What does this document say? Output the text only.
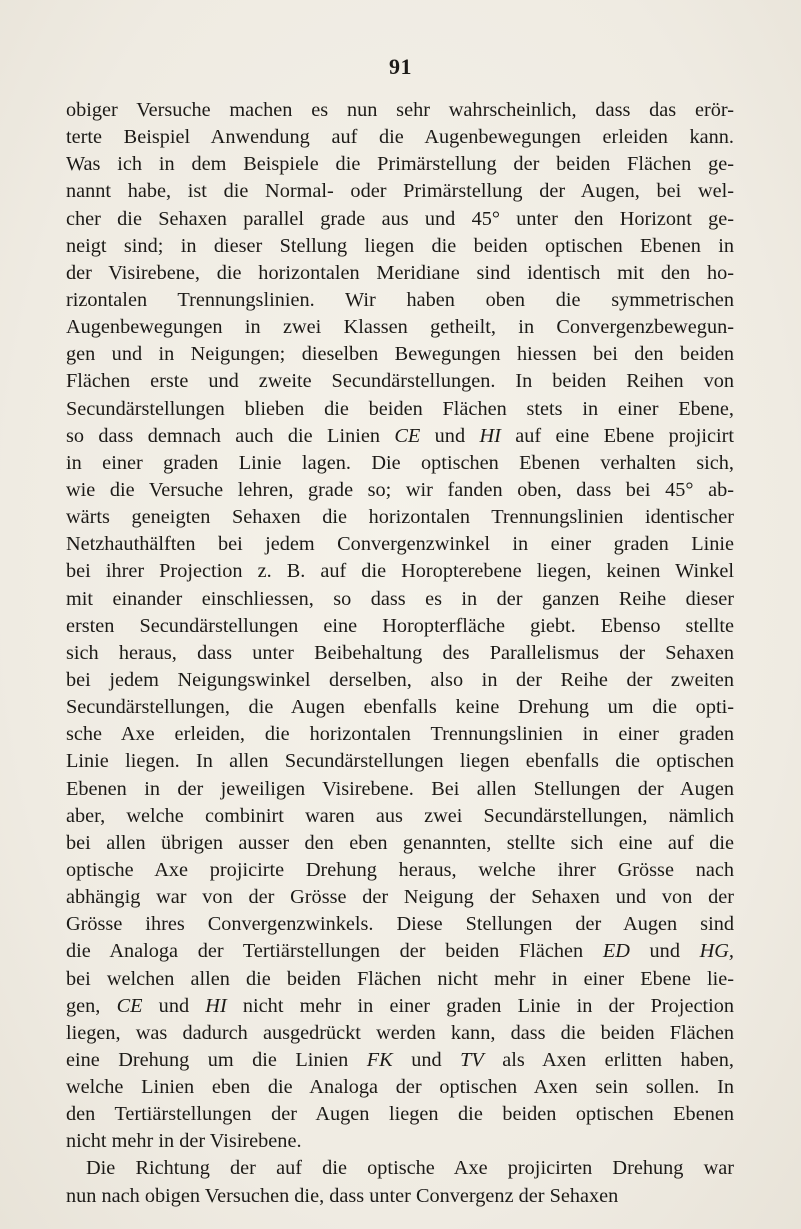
91
obiger Versuche machen es nun sehr wahrscheinlich, dass das erör-
terte Beispiel Anwendung auf die Augenbewegungen erleiden kann.
Was ich in dem Beispiele die Primärstellung der beiden Flächen ge-
nannt habe, ist die Normal- oder Primärstellung der Augen, bei wel-
cher die Sehaxen parallel grade aus und 45° unter den Horizont ge-
neigt sind; in dieser Stellung liegen die beiden optischen Ebenen in
der Visirebene, die horizontalen Meridiane sind identisch mit den ho-
rizontalen Trennungslinien. Wir haben oben die symmetrischen
Augenbewegungen in zwei Klassen getheilt, in Convergenzbewegun-
gen und in Neigungen; dieselben Bewegungen hiessen bei den beiden
Flächen erste und zweite Secundärstellungen. In beiden Reihen von
Secundärstellungen blieben die beiden Flächen stets in einer Ebene,
so dass demnach auch die Linien CE und HI auf eine Ebene projicirt
in einer graden Linie lagen. Die optischen Ebenen verhalten sich,
wie die Versuche lehren, grade so; wir fanden oben, dass bei 45° ab-
wärts geneigten Sehaxen die horizontalen Trennungslinien identischer
Netzhauthälften bei jedem Convergenzwinkel in einer graden Linie
bei ihrer Projection z. B. auf die Horopterebene liegen, keinen Winkel
mit einander einschliessen, so dass es in der ganzen Reihe dieser
ersten Secundärstellungen eine Horopterfläche giebt. Ebenso stellte
sich heraus, dass unter Beibehaltung des Parallelismus der Sehaxen
bei jedem Neigungswinkel derselben, also in der Reihe der zweiten
Secundärstellungen, die Augen ebenfalls keine Drehung um die opti-
sche Axe erleiden, die horizontalen Trennungslinien in einer graden
Linie liegen. In allen Secundärstellungen liegen ebenfalls die optischen
Ebenen in der jeweiligen Visirebene. Bei allen Stellungen der Augen
aber, welche combinirt waren aus zwei Secundärstellungen, nämlich
bei allen übrigen ausser den eben genannten, stellte sich eine auf die
optische Axe projicirte Drehung heraus, welche ihrer Grösse nach
abhängig war von der Grösse der Neigung der Sehaxen und von der
Grösse ihres Convergenzwinkels. Diese Stellungen der Augen sind
die Analoga der Tertiärstellungen der beiden Flächen ED und HG,
bei welchen allen die beiden Flächen nicht mehr in einer Ebene lie-
gen, CE und HI nicht mehr in einer graden Linie in der Projection
liegen, was dadurch ausgedrückt werden kann, dass die beiden Flächen
eine Drehung um die Linien FK und TV als Axen erlitten haben,
welche Linien eben die Analoga der optischen Axen sein sollen. In
den Tertiärstellungen der Augen liegen die beiden optischen Ebenen
nicht mehr in der Visirebene.
Die Richtung der auf die optische Axe projicirten Drehung war
nun nach obigen Versuchen die, dass unter Convergenz der Sehaxen
